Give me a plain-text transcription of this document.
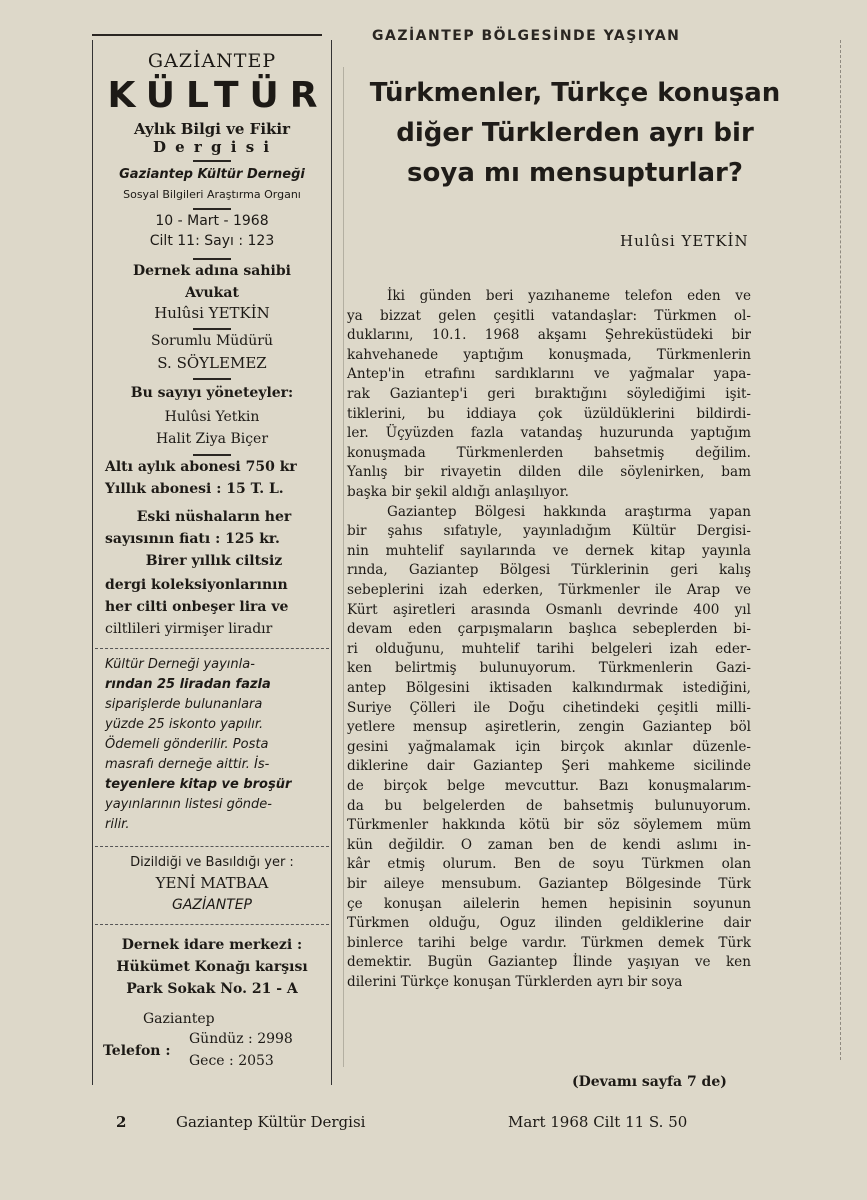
GAZİANTEP BÖLGESİNDE YAŞIYAN
GAZİANTEP
KÜLTÜR
Aylık Bilgi ve Fikir
D e r g i s i
Gaziantep Kültür Derneği
Sosyal Bilgileri Araştırma Organı
10 - Mart - 1968
Cilt 11: Sayı : 123
Dernek adına sahibi
Avukat
Hulûsi YETKİN
Sorumlu Müdürü
S. SÖYLEMEZ
Bu sayıyı yöneteyler:
Hulûsi Yetkin
Halit Ziya Biçer
Altı aylık abonesi 750 kr
Yıllık abonesi : 15 T. L.
Eski nüshaların her
sayısının fiatı : 125 kr.
Birer yıllık ciltsiz
dergi koleksiyonlarının
her cilti onbeşer lira ve
ciltlileri yirmişer liradır
Kültür Derneği yayınla-
rından 25 liradan fazla
siparişlerde bulunanlara
yüzde 25 iskonto yapılır.
Ödemeli gönderilir. Posta
masrafı derneğe aittir. İs-
teyenlere kitap ve broşür
yayınlarının listesi gönde-
rilir.
Dizildiği ve Basıldığı yer :
YENİ MATBAA
GAZİANTEP
Dernek idare merkezi :
Hükümet Konağı karşısı
Park Sokak No. 21 - A
Gaziantep
Telefon :
Gündüz : 2998
Gece : 2053
Türkmenler, Türkçe konuşan
diğer Türklerden ayrı bir
soya mı mensupturlar?
Hulûsi YETKİN
İki günden beri yazıhaneme telefon eden ve
ya bizzat gelen çeşitli vatandaşlar: Türkmen ol-
duklarını, 10.1. 1968 akşamı Şehreküstüdeki bir
kahvehanede yaptığım konuşmada, Türkmenlerin
Antep'in etrafını sardıklarını ve yağmalar yapa-
rak Gaziantep'i geri bıraktığını söylediğimi işit-
tiklerini, bu iddiaya çok üzüldüklerini bildirdi-
ler. Üçyüzden fazla vatandaş huzurunda yaptığım
konuşmada Türkmenlerden bahsetmiş değilim.
Yanlış bir rivayetin dilden dile söylenirken, bam
başka bir şekil aldığı anlaşılıyor.
Gaziantep Bölgesi hakkında araştırma yapan
bir şahıs sıfatıyle, yayınladığım Kültür Dergisi-
nin muhtelif sayılarında ve dernek kitap yayınla
rında, Gaziantep Bölgesi Türklerinin geri kalış
sebeplerini izah ederken, Türkmenler ile Arap ve
Kürt aşiretleri arasında Osmanlı devrinde 400 yıl
devam eden çarpışmaların başlıca sebeplerden bi-
ri olduğunu, muhtelif tarihi belgeleri izah eder-
ken belirtmiş bulunuyorum. Türkmenlerin Gazi-
antep Bölgesini iktisaden kalkındırmak istediğini,
Suriye Çölleri ile Doğu cihetindeki çeşitli milli-
yetlere mensup aşiretlerin, zengin Gaziantep böl
gesini yağmalamak için birçok akınlar düzenle-
diklerine dair Gaziantep Şeri mahkeme sicilinde
de birçok belge mevcuttur. Bazı konuşmalarım-
da bu belgelerden de bahsetmiş bulunuyorum.
Türkmenler hakkında kötü bir söz söylemem müm
kün değildir. O zaman ben de kendi aslımı in-
kâr etmiş olurum. Ben de soyu Türkmen olan
bir aileye mensubum. Gaziantep Bölgesinde Türk
çe konuşan ailelerin hemen hepisinin soyunun
Türkmen olduğu, Oguz ilinden geldiklerine dair
binlerce tarihi belge vardır. Türkmen demek Türk
demektir. Bugün Gaziantep İlinde yaşıyan ve ken
dilerini Türkçe konuşan Türklerden ayrı bir soya
(Devamı sayfa 7 de)
2	Gaziantep Kültür Dergisi	Mart 1968 Cilt 11 S. 50
